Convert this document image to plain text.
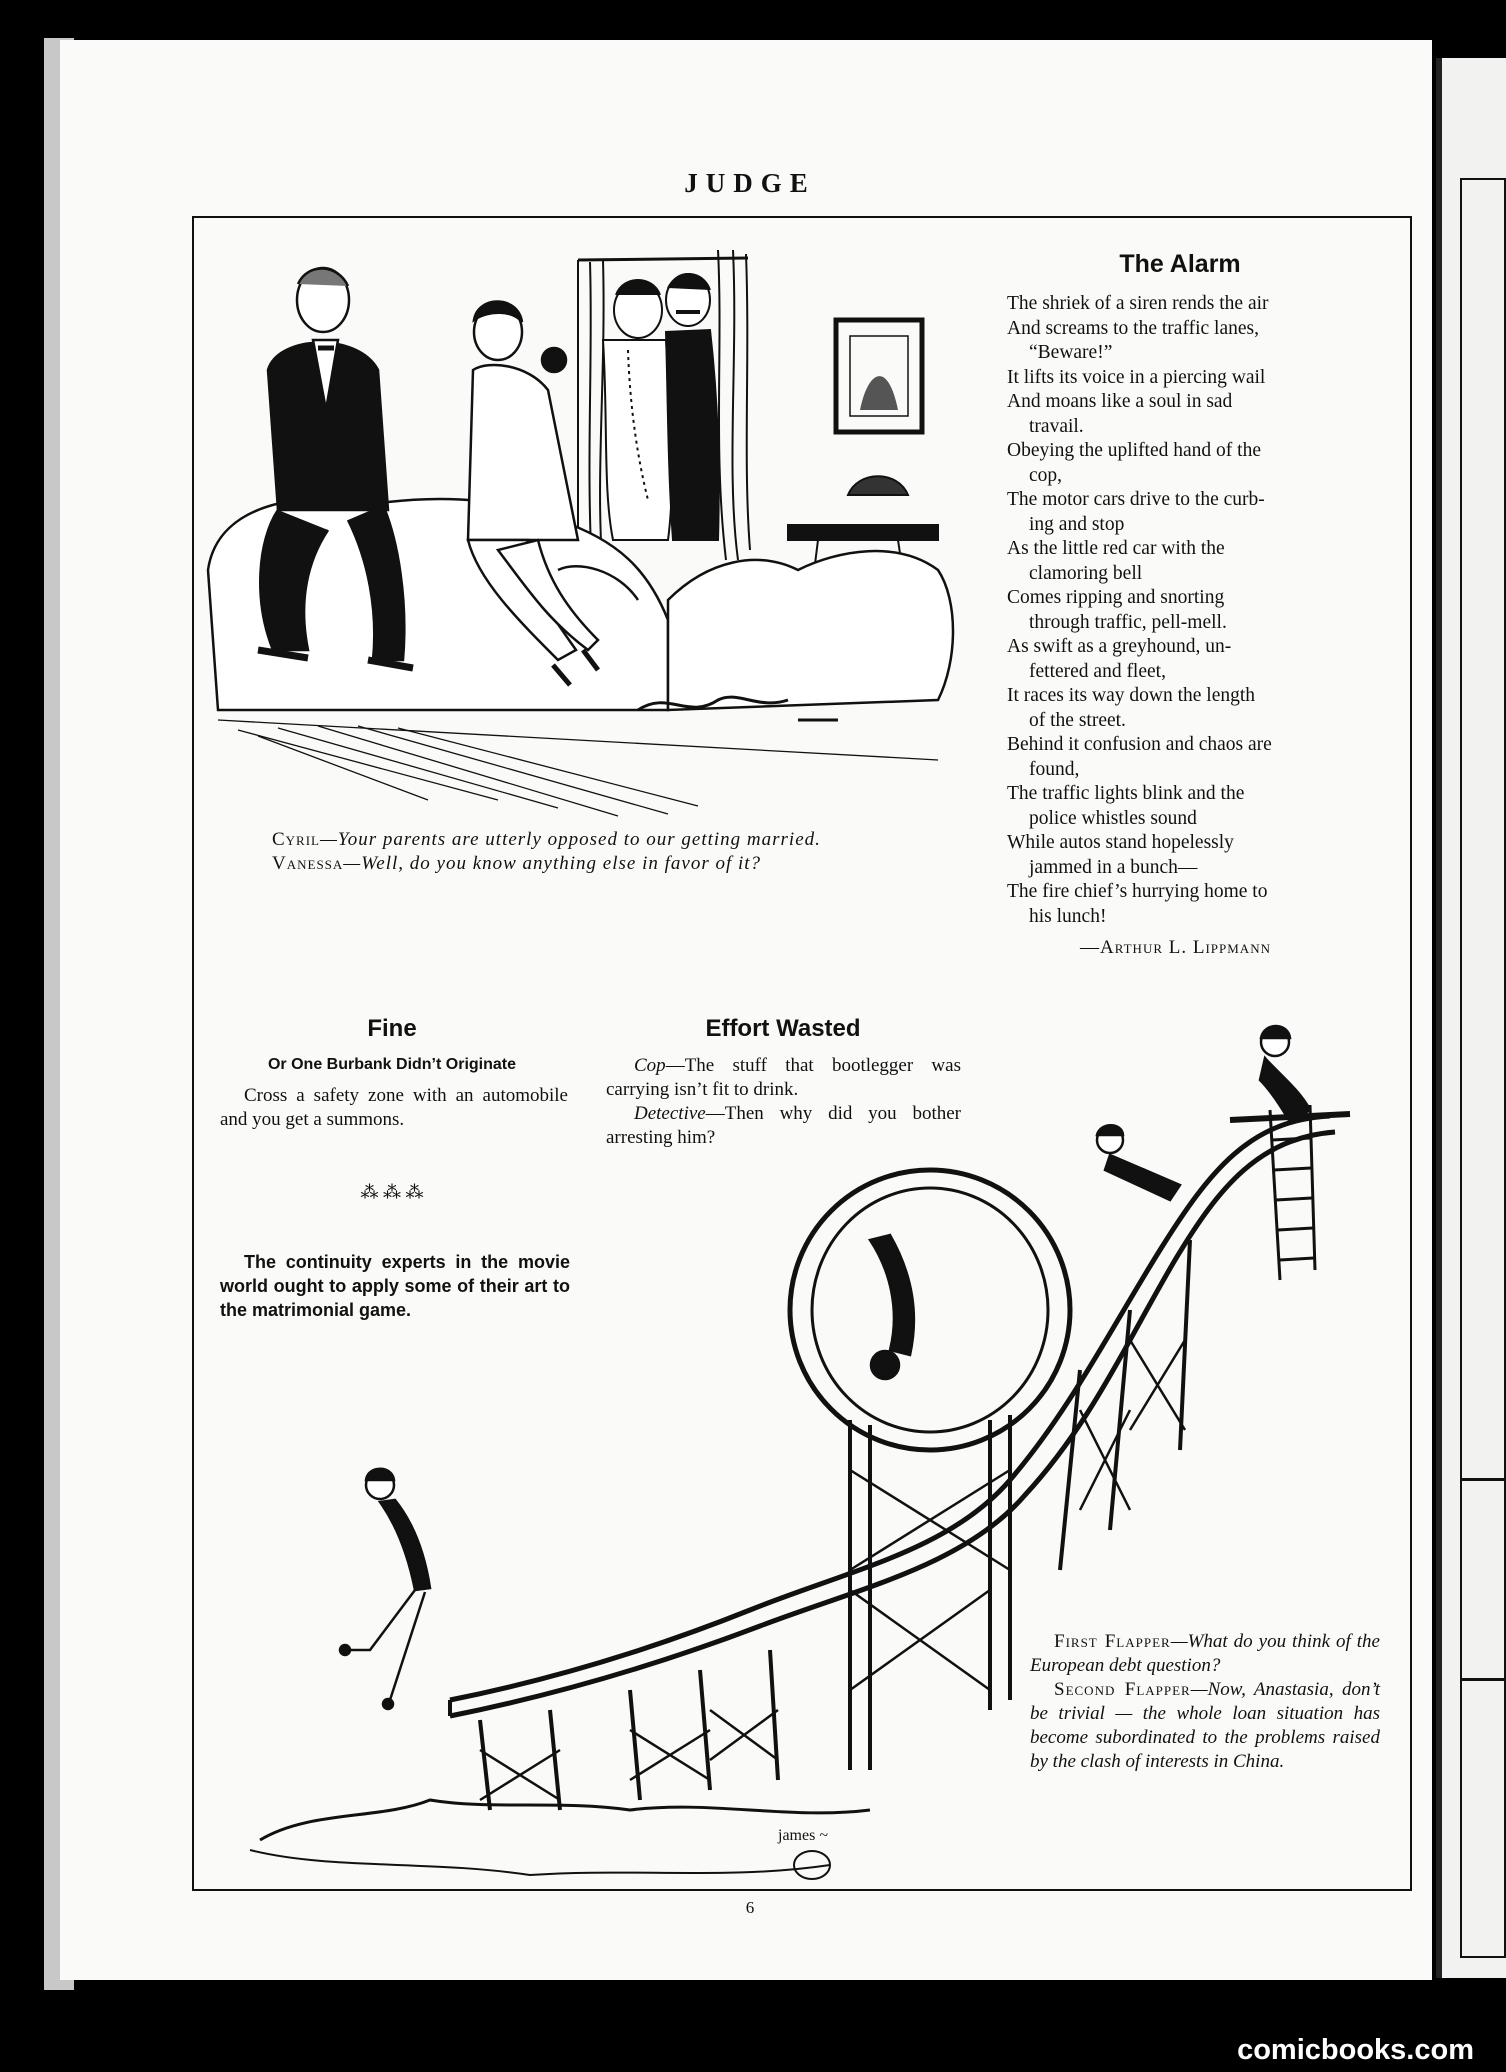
JUDGE
Cyril—Your parents are utterly opposed to our getting married.
Vanessa—Well, do you know anything else in favor of it?
The Alarm
The shriek of a siren rends the air
And screams to the traffic lanes,
“Beware!”
It lifts its voice in a piercing wail
And moans like a soul in sad
travail.
Obeying the uplifted hand of the
cop,
The motor cars drive to the curb-
ing and stop
As the little red car with the
clamoring bell
Comes ripping and snorting
through traffic, pell-mell.
As swift as a greyhound, un-
fettered and fleet,
It races its way down the length
of the street.
Behind it confusion and chaos are
found,
The traffic lights blink and the
police whistles sound
While autos stand hopelessly
jammed in a bunch—
The fire chief’s hurrying home to
his lunch!
—Arthur L. Lippmann
Fine
Or One Burbank Didn’t Originate
Cross a safety zone with an automobile and you get a summons.
⁂ ⁂ ⁂
The continuity experts in the movie world ought to apply some of their art to the matrimonial game.
Effort Wasted
Cop—The stuff that bootlegger was carrying isn’t fit to drink.
Detective—Then why did you bother arresting him?
james ~
First Flapper—What do you think of the European debt question?
Second Flapper—Now, Anastasia, don’t be trivial — the whole loan situation has become subordinated to the problems raised by the clash of interests in China.
6
comicbooks.com
